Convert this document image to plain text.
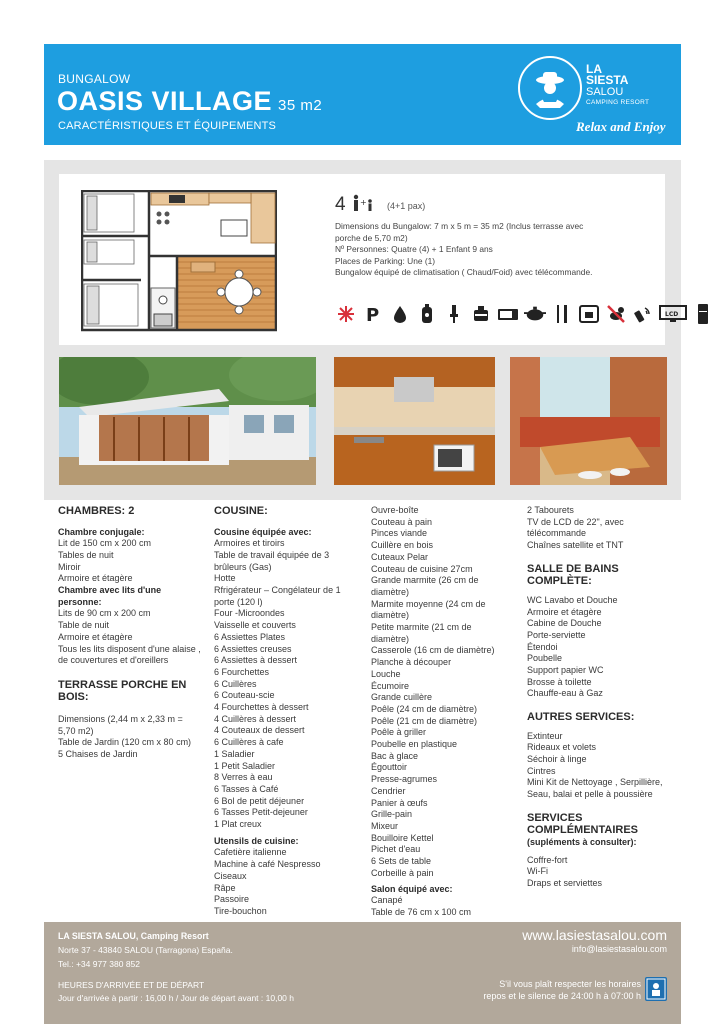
BUNGALOW
OASIS VILLAGE 35 m2
CARACTÉRISTIQUES ET ÉQUIPEMENTS
LA
SIESTA
SALOU
CAMPING RESORT
Relax and Enjoy
4 + (4+1 pax)
Dimensions du Bungalow: 7 m x 5 m = 35 m2 (Inclus terrasse avec porche de 5,70 m2)
Nº Personnes: Quatre (4) + 1 Enfant 9 ans
Places de Parking: Une (1)
Bungalow équipé de climatisation ( Chaud/Foid) avec télécommande.
P	LCD
CHAMBRES: 2
Chambre conjugale:
Lit de 150 cm x 200 cm
Tables de nuit
Miroir
Armoire et étagère
Chambre avec lits d'une personne:
Lits de 90 cm x 200 cm
Table de nuit
Armoire et étagère
Tous les lits disposent d'une alaise , de couvertures et d'oreillers
TERRASSE PORCHE EN BOIS:
Dimensions (2,44 m x 2,33 m = 5,70 m2)
Table de Jardin (120 cm x 80 cm)
5 Chaises de Jardin
COUSINE:
Cousine équipée avec:
Armoires et tiroirs
Table de travail équipée de 3 brûleurs (Gas)
Hotte
Rfrigérateur – Congélateur de 1 porte (120 l)
Four -Microondes
Vaisselle et couverts
6 Assiettes Plates
6 Assiettes creuses
6 Assiettes à dessert
6 Fourchettes
6 Cuillères
6 Couteau-scie
4 Fourchettes à dessert
4 Cuillères à dessert
4 Couteaux de dessert
6 Cuillères à cafe
1 Saladier
1 Petit Saladier
8 Verres à eau
6 Tasses à Café
6 Bol de petit déjeuner
6 Tasses Petit-dejeuner
1 Plat creux
Utensils de cuisine:
Cafetière italienne
Machine à café Nespresso
Ciseaux
Râpe
Passoire
Tire-bouchon
Ouvre-boîte
Couteau à pain
Pinces viande
Cuillère en bois
Cuteaux Pelar
Couteau de cuisine 27cm
Grande marmite (26 cm de diamètre)
Marmite moyenne (24 cm de diamètre)
Petite marmite (21 cm de diamètre)
Casserole (16 cm de diamètre)
Planche à découper
Louche
Écumoire
Grande cuillère
Poêle (24 cm de diamètre)
Poêle (21 cm de diamètre)
Poêle à griller
Poubelle en plastique
Bac à glace
Égouttoir
Presse-agrumes
Cendrier
Panier à œufs
Grille-pain
Mixeur
Bouilloire Kettel
Pichet d'eau
6 Sets de table
Corbeille à pain
Salon équipé avec:
Canapé
Table de 76 cm x 100 cm
2 Tabourets
TV de LCD de 22", avec télécommande
Chaînes satellite et TNT
SALLE DE BAINS COMPLÈTE:
WC Lavabo et Douche
Armoire et étagère
Cabine de Douche
Porte-serviette
Étendoi
Poubelle
Support papier WC
Brosse à toilette
Chauffe-eau à Gaz
AUTRES SERVICES:
Extinteur
Rideaux et volets
Séchoir à linge
Cintres
Mini Kit de Nettoyage , Serpillière, Seau, balai et pelle à poussière
SERVICES COMPLÉMENTAIRES
(supléments à consulter):
Coffre-fort
Wi-Fi
Draps et serviettes
LA SIESTA SALOU, Camping Resort
Norte 37 - 43840 SALOU (Tarragona) España.
Tel.: +34 977 380 852
HEURES D'ARRIVÉE ET DE DÉPART
Jour d'arrivée à partir : 16,00 h / Jour de départ avant : 10,00 h
www.lasiestasalou.com
info@lasiestasalou.com
S'il vous plaît respecter les horaires
repos et le silence de 24:00 h à 07:00 h
